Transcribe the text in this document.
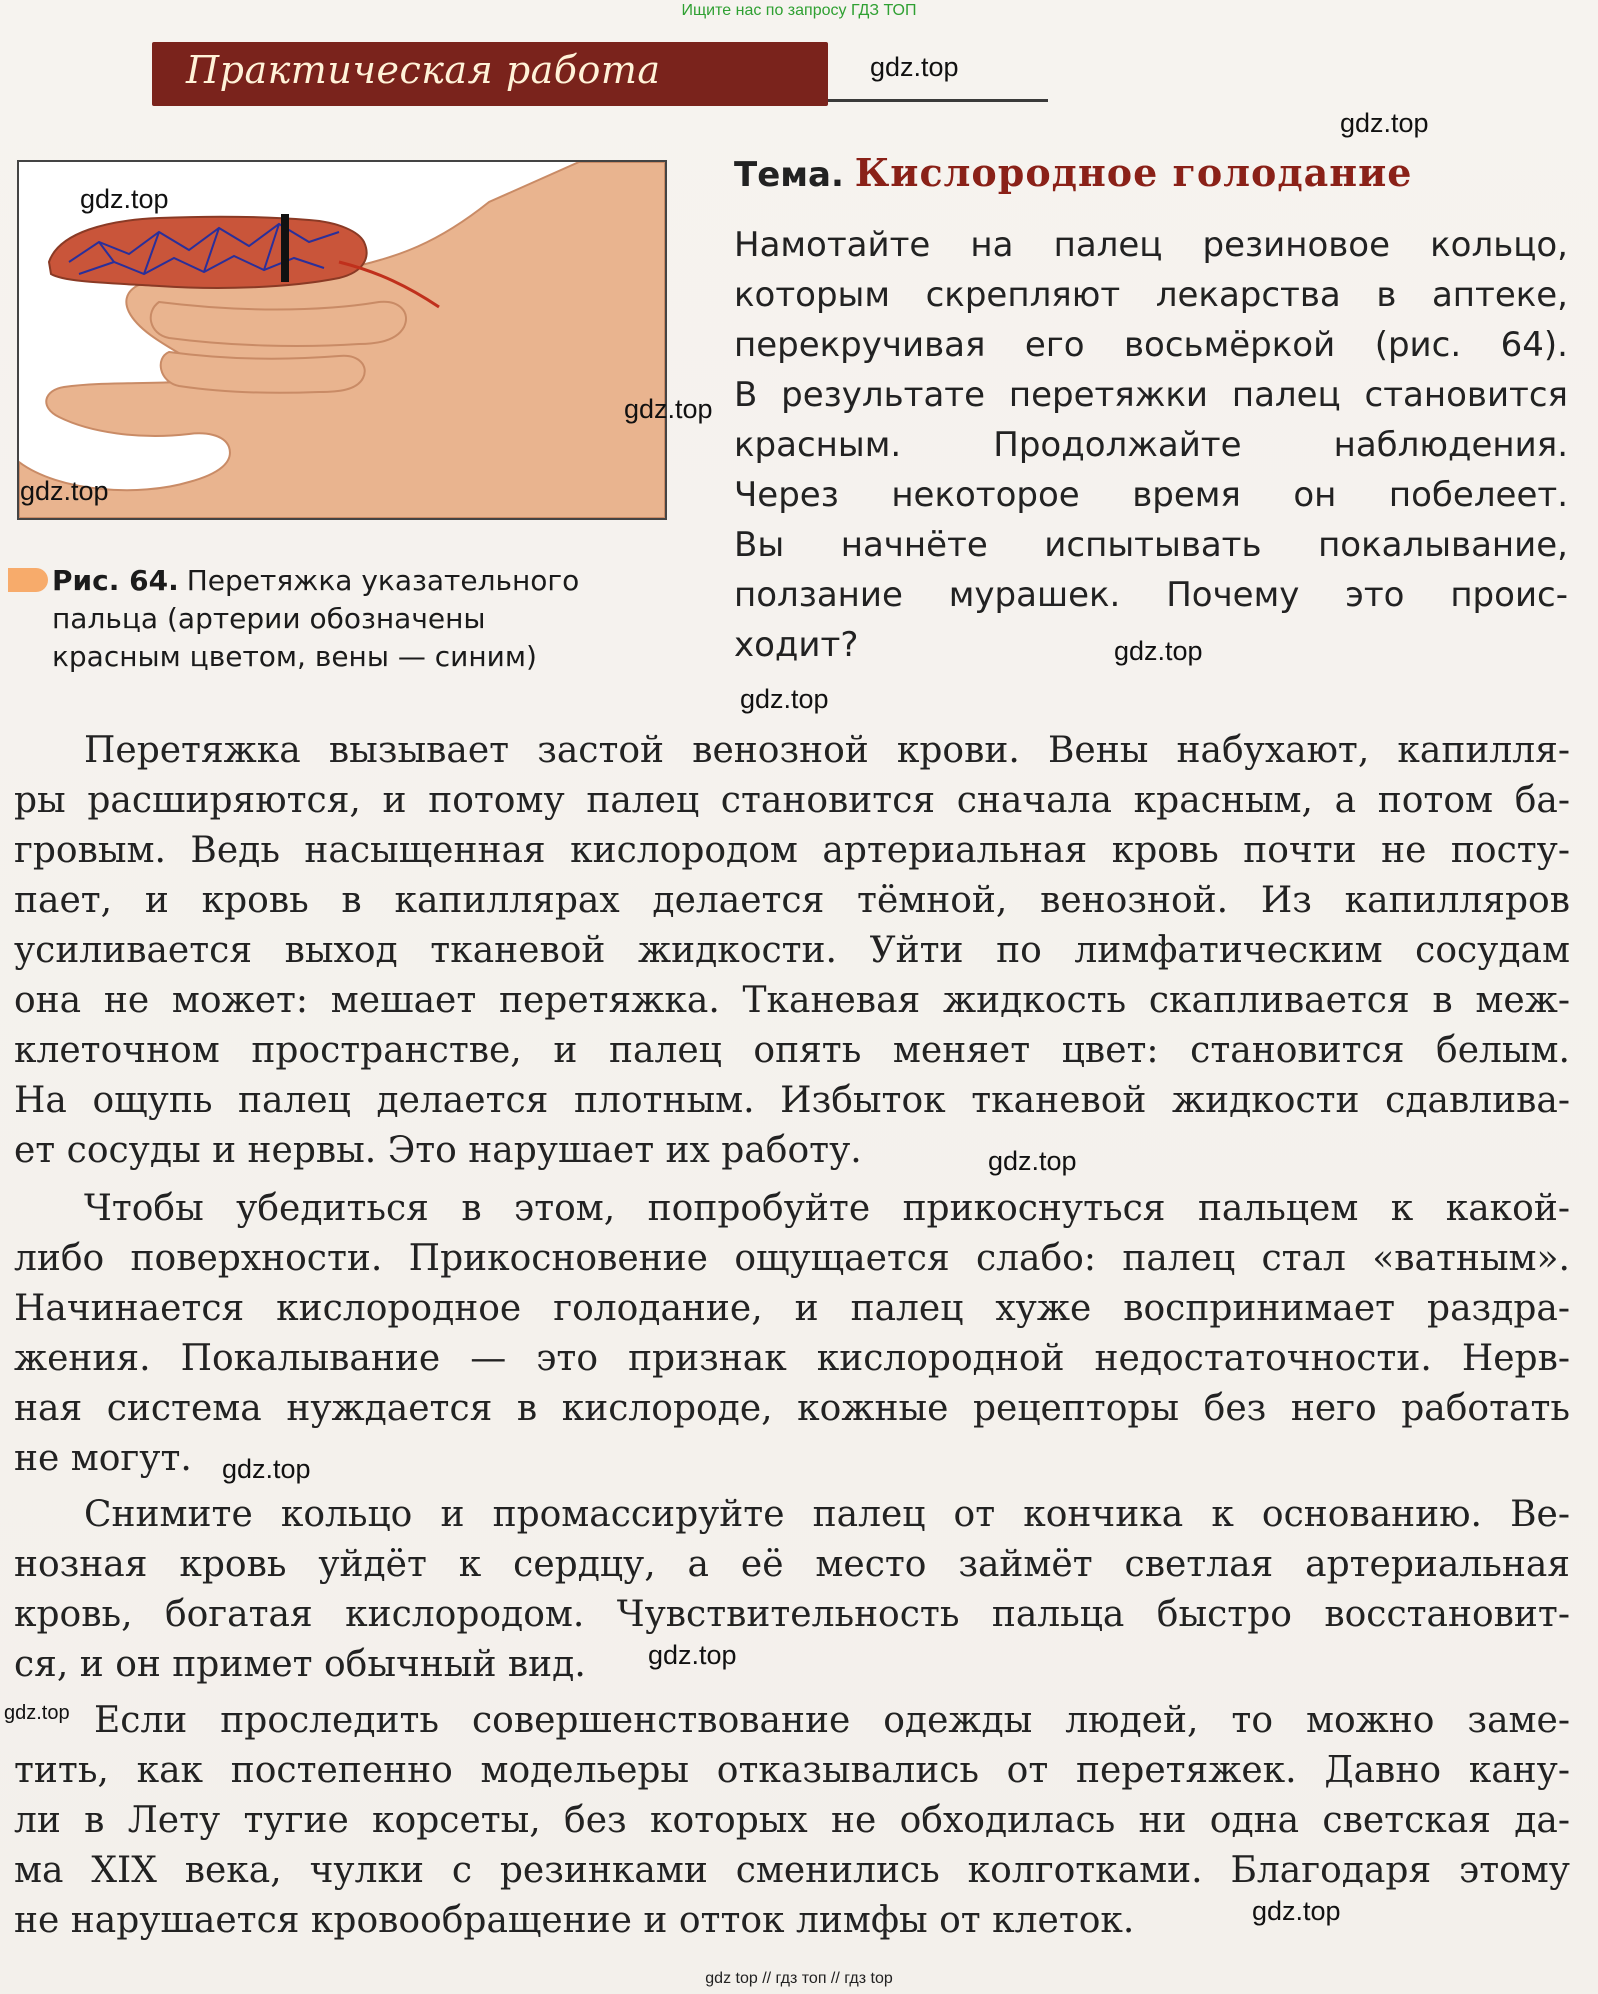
Ищите нас по запросу ГДЗ ТОП
Практическая работа
Рис. 64. Перетяжка указательного
пальца (артерии обозначены
красным цветом, вены — синим)
Тема. Кислородное голодание
Намотайте на палец резиновое кольцо,
которым скрепляют лекарства в аптеке,
перекручивая его восьмёркой (рис. 64).
В результате перетяжки палец становится
красным. Продолжайте наблюдения.
Через некоторое время он побелеет.
Вы начнёте испытывать покалывание,
ползание мурашек. Почему это проис-
ходит?
Перетяжка вызывает застой венозной крови. Вены набухают, капилля-
ры расширяются, и потому палец становится сначала красным, а потом ба-
гровым. Ведь насыщенная кислородом артериальная кровь почти не посту-
пает, и кровь в капиллярах делается тёмной, венозной. Из капилляров
усиливается выход тканевой жидкости. Уйти по лимфатическим сосудам
она не может: мешает перетяжка. Тканевая жидкость скапливается в меж-
клеточном пространстве, и палец опять меняет цвет: становится белым.
На ощупь палец делается плотным. Избыток тканевой жидкости сдавлива-
ет сосуды и нервы. Это нарушает их работу.
Чтобы убедиться в этом, попробуйте прикоснуться пальцем к какой-
либо поверхности. Прикосновение ощущается слабо: палец стал «ватным».
Начинается кислородное голодание, и палец хуже воспринимает раздра-
жения. Покалывание — это признак кислородной недостаточности. Нерв-
ная система нуждается в кислороде, кожные рецепторы без него работать
не могут.
Снимите кольцо и промассируйте палец от кончика к основанию. Ве-
нозная кровь уйдёт к сердцу, а её место займёт светлая артериальная
кровь, богатая кислородом. Чувствительность пальца быстро восстановит-
ся, и он примет обычный вид.
Если проследить совершенствование одежды людей, то можно заме-
тить, как постепенно модельеры отказывались от перетяжек. Давно кану-
ли в Лету тугие корсеты, без которых не обходилась ни одна светская да-
ма XIX века, чулки с резинками сменились колготками. Благодаря этому
не нарушается кровообращение и отток лимфы от клеток.
gdz.top
gdz.top
gdz.top
gdz.top
gdz.top
gdz.top
gdz.top
gdz.top
gdz.top
gdz.top
gdz.top
gdz.top
gdz top // гдз топ // гдз top
